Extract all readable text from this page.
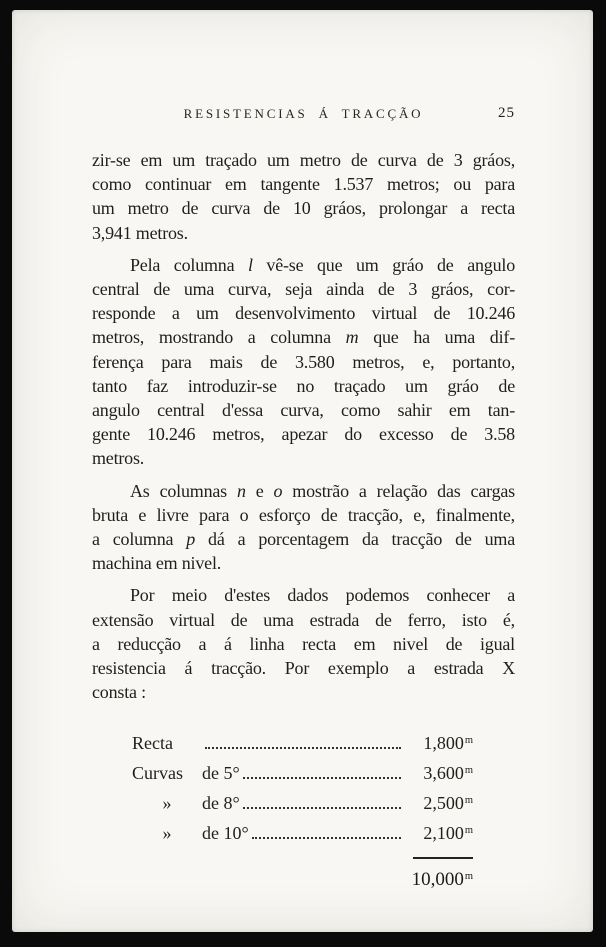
RESISTENCIAS Á TRACÇÃO	25
zir-se em um traçado um metro de curva de 3 gráos,
como continuar em tangente 1.537 metros; ou para
um metro de curva de 10 gráos, prolongar a recta
3,941 metros.
Pela columna l vê-se que um gráo de angulo
central de uma curva, seja ainda de 3 gráos, cor-
responde a um desenvolvimento virtual de 10.246
metros, mostrando a columna m que ha uma dif-
ferença para mais de 3.580 metros, e, portanto,
tanto faz introduzir-se no traçado um gráo de
angulo central d'essa curva, como sahir em tan-
gente 10.246 metros, apezar do excesso de 3.58
metros.
As columnas n e o mostrão a relação das cargas
bruta e livre para o esforço de tracção, e, finalmente,
a columna p dá a porcentagem da tracção de uma
machina em nivel.
Por meio d'estes dados podemos conhecer a
extensão virtual de uma estrada de ferro, isto é,
a reducção a á linha recta em nivel de igual
resistencia á tracção. Por exemplo a estrada X
consta :
Recta	1,800$^m$
Curvas	de 5°	3,600$^m$
»	de 8°	2,500$^m$
»	de 10°	2,100$^m$
10,000$^m$
